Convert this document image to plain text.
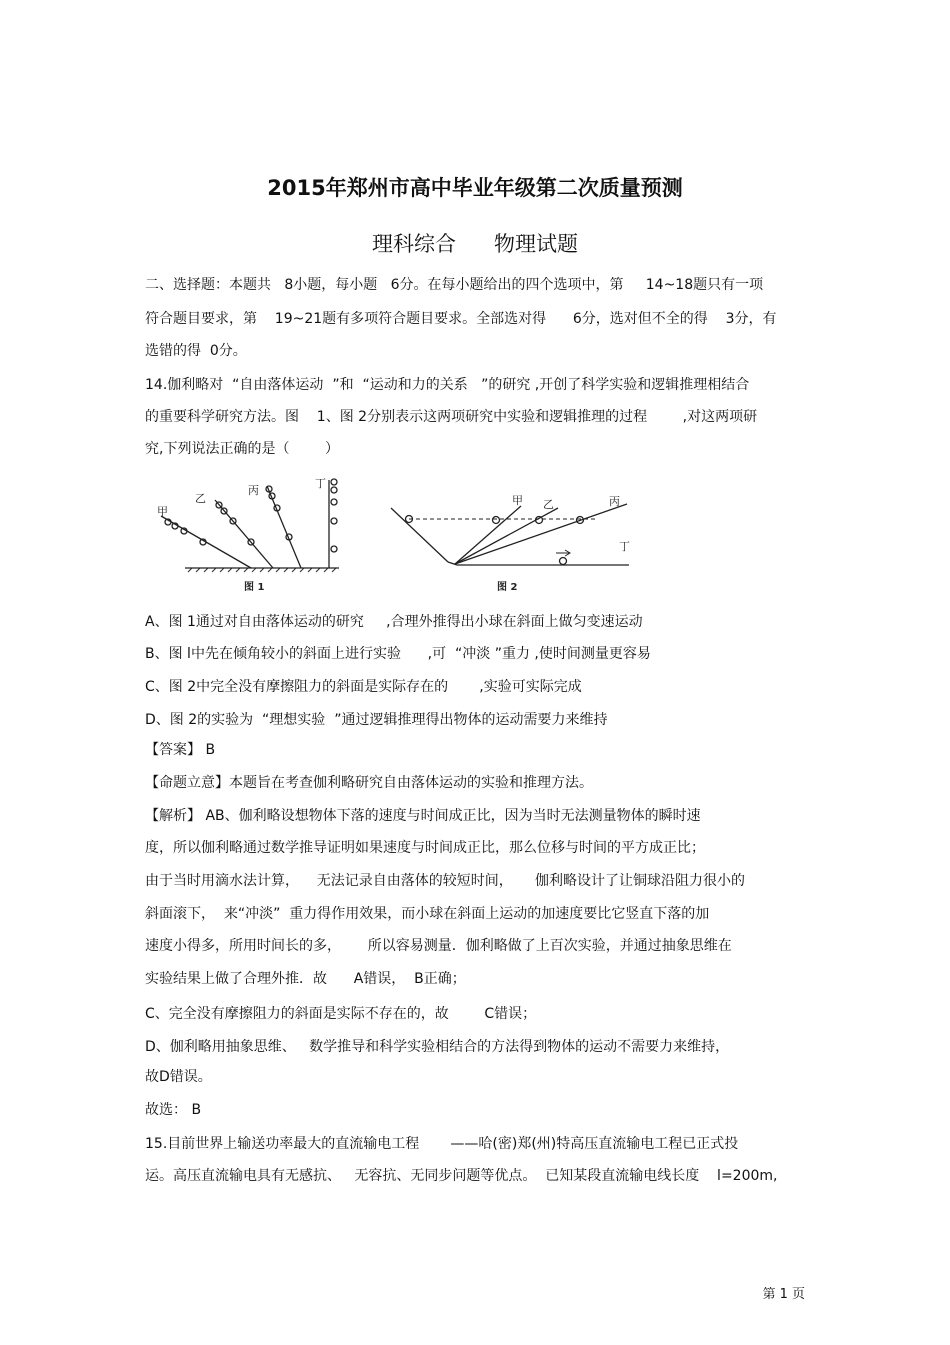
2015年郑州市高中毕业年级第二次质量预测
理科综合 物理试题
二、选择题：本题共   8小题，每小题   6分。在每小题给出的四个选项中，第     14~18题只有一项
符合题目要求，第    19~21题有多项符合题目要求。全部选对得      6分，选对但不全的得    3分，有
选错的得  0分。
14.伽利略对  “自由落体运动  ”和  “运动和力的关系   ”的研究 ,开创了科学实验和逻辑推理相结合
的重要科学研究方法。图    1、图 2分别表示这两项研究中实验和逻辑推理的过程        ,对这两项研
究,下列说法正确的是（        ）
甲
乙
丙
丁
图 1
甲 乙	丙
丁
图 2
A、图 1通过对自由落体运动的研究     ,合理外推得出小球在斜面上做匀变速运动
B、图 l中先在倾角较小的斜面上进行实验      ,可  “冲淡 ”重力 ,使时间测量更容易
C、图 2中完全没有摩擦阻力的斜面是实际存在的       ,实验可实际完成
D、图 2的实验为  “理想实验  ”通过逻辑推理得出物体的运动需要力来维持
【答案】 B
【命题立意】本题旨在考查伽利略研究自由落体运动的实验和推理方法。
【解析】 AB、伽利略设想物体下落的速度与时间成正比，因为当时无法测量物体的瞬时速
度，所以伽利略通过数学推导证明如果速度与时间成正比，那么位移与时间的平方成正比；
由于当时用滴水法计算，    无法记录自由落体的较短时间，     伽利略设计了让铜球沿阻力很小的
斜面滚下，  来“冲淡”  重力得作用效果，而小球在斜面上运动的加速度要比它竖直下落的加
速度小得多，所用时间长的多，      所以容易测量．伽利略做了上百次实验，并通过抽象思维在
实验结果上做了合理外推．故      A错误，  B正确；
C、完全没有摩擦阻力的斜面是实际不存在的，故        C错误；
D、伽利略用抽象思维、   数学推导和科学实验相结合的方法得到物体的运动不需要力来维持，
故D错误。
故选： B
15.目前世界上输送功率最大的直流输电工程       ——哈(密)郑(州)特高压直流输电工程已正式投
运。高压直流输电具有无感抗、   无容抗、无同步问题等优点。  已知某段直流输电线长度    l=200m,
第 1 页
